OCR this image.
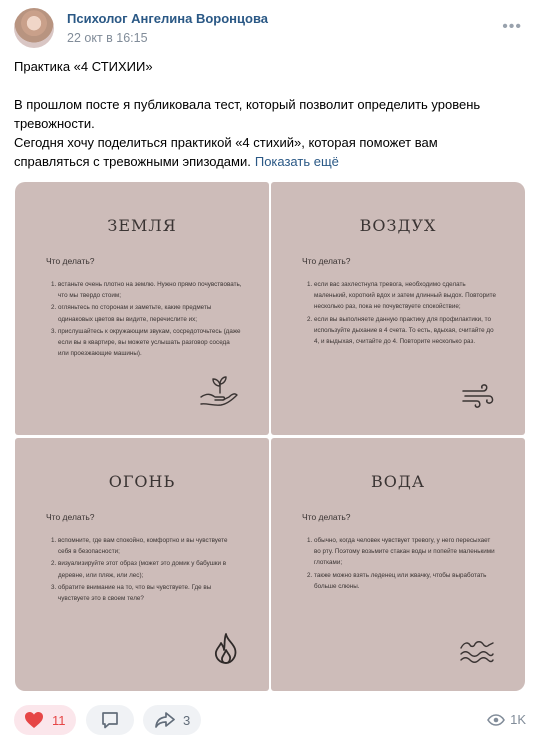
Психолог Ангелина Воронцова
22 окт в 16:15
•••

Практика «4 СТИХИИ»

В прошлом посте я публиковала тест, который позволит определить уровень тревожности.

Сегодня хочу поделиться практикой «4 стихий», которая поможет вам справляться с тревожными эпизодами. Показать ещё

ЗЕМЛЯ
Что делать?
1. встаньте очень плотно на землю. Нужно прямо почувствовать, что мы твердо стоим;
2. огляньтесь по сторонам и заметьте, какие предметы одинаковых цветов вы видите, перечислите их;
3. прислушайтесь к окружающим звукам, сосредоточьтесь (даже если вы в квартире, вы можете услышать разговор соседа или проезжающие машины).
ВОЗДУХ
Что делать?
1. если вас захлестнула тревога, необходимо сделать маленький, короткий вдох и затем длинный выдох. Повторите несколько раз, пока не почувствуете спокойствие;
2. если вы выполняете данную практику для профилактики, то используйте дыхание в 4 счета. То есть, вдыхая, считайте до 4, и выдыхая, считайте до 4. Повторите несколько раз.
ОГОНЬ
Что делать?
1. вспомните, где вам спокойно, комфортно и вы чувствуете себя в безопасности;
2. визуализируйте этот образ (может это домик у бабушки в деревне, или пляж, или лес);
3. обратите внимание на то, что вы чувствуете. Где вы чувствуете это в своем теле?
ВОДА
Что делать?
1. обычно, когда человек чувствует тревогу, у него пересыхает во рту. Поэтому возьмите стакан воды и попейте маленькими глотками;
2. также можно взять леденец или жвачку, чтобы выработать больше слюны.
11	3	1K
